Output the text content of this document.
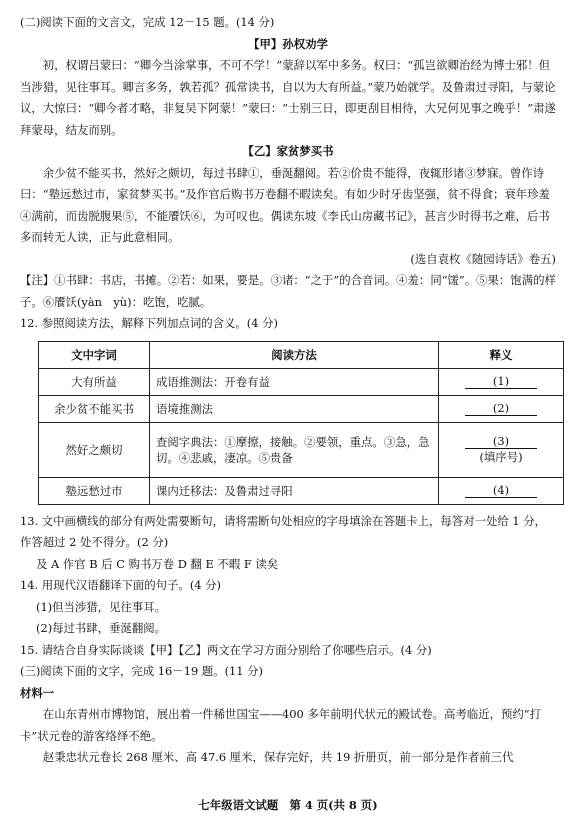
(二)阅读下面的文言文，完成 12－15 题。(14 分)

【甲】孙权劝学

初，权谓吕蒙曰：“卿今当涂掌事，不可不学！”蒙辞以军中多务。权曰：“孤岂欲卿治经为博士邪！但当涉猎，见往事耳。卿言多务，孰若孤？孤常读书，自以为大有所益。”蒙乃始就学。及鲁肃过寻阳，与蒙论议，大惊曰：“卿今者才略，非复吴下阿蒙！”蒙曰：“士别三日，即更刮目相待，大兄何见事之晚乎！”肃遂拜蒙母，结友而别。

【乙】家贫梦买书

余少贫不能买书，然好之颇切，每过书肆①，垂涎翻阅。若②价贵不能得，夜辄形诸③梦寐。曾作诗曰：“塾远愁过市，家贫梦买书。”及作官后购书万卷翻不暇读矣。有如少时牙齿坚强，贫不得食；衰年珍羞④满前，而齿脱腹果⑤，不能餍饫⑥，为可叹也。偶读东坡《李氏山房藏书记》，甚言少时得书之难，后书多而转无人读，正与此意相同。

(选自袁枚《随园诗话》卷五)

【注】①书肆：书店，书摊。②若：如果，要是。③诸：“之于”的合音词。④羞：同“馐”。⑤果：饱满的样子。⑥餍饫(yàn　yù)：吃饱，吃腻。

12. 参照阅读方法，解释下列加点词的含义。(4 分)

文中字词	阅读方法	释义
大有所益	成语推测法：开卷有益	(1)
余少贫不能买书	语境推测法	(2)
然好之颇切	查阅字典法：①摩擦，接触。②要领，重点。③急，急切。④悲戚，凄凉。⑤贵备	(3)
(填序号)
塾远愁过市	课内迁移法：及鲁肃过寻阳	(4)

13. 文中画横线的部分有两处需要断句，请将需断句处相应的字母填涂在答题卡上，每答对一处给 1 分，作答超过 2 处不得分。(2 分)

及 A 作官 B 后 C 购书万卷 D 翻 E 不暇 F 读矣

14. 用现代汉语翻译下面的句子。(4 分)

(1)但当涉猎，见往事耳。

(2)每过书肆，垂涎翻阅。

15. 请结合自身实际谈谈【甲】【乙】两文在学习方面分别给了你哪些启示。(4 分)

(三)阅读下面的文字，完成 16－19 题。(11 分)

材料一

在山东青州市博物馆，展出着一件稀世国宝——400 多年前明代状元的殿试卷。高考临近，预约“打卡”状元卷的游客络绎不绝。

赵秉忠状元卷长 268 厘米、高 47.6 厘米，保存完好，共 19 折册页，前一部分是作者前三代

七年级语文试题　第 4 页(共 8 页)
